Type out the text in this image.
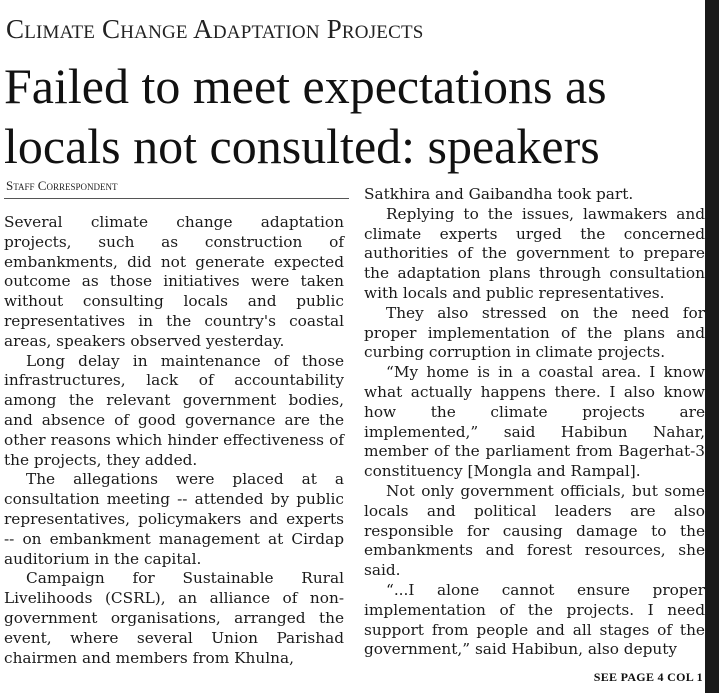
Climate Change Adaptation Projects
Failed to meet expectations as
locals not consulted: speakers
Staff Correspondent

Several climate change adaptation projects, such as construction of embankments, did not generate expected outcome as those initiatives were taken without consulting locals and public representatives in the country's coastal areas, speakers observed yesterday.

Long delay in maintenance of those infrastructures, lack of accountability among the relevant government bodies, and absence of good governance are the other reasons which hinder effectiveness of the projects, they added.

The allegations were placed at a consultation meeting -- attended by public representatives, policymakers and experts -- on embankment management at Cirdap auditorium in the capital.

Campaign for Sustainable Rural Livelihoods (CSRL), an alliance of non-government organisations, arranged the event, where several Union Parishad chairmen and members from Khulna,

Satkhira and Gaibandha took part.

Replying to the issues, lawmakers and climate experts urged the concerned authorities of the government to prepare the adaptation plans through consultation with locals and public representatives.

They also stressed on the need for proper implementation of the plans and curbing corruption in climate projects.

“My home is in a coastal area. I know what actually happens there. I also know how the climate projects are implemented,” said Habibun Nahar, member of the parliament from Bagerhat-3 constituency [Mongla and Rampal].

Not only government officials, but some locals and political leaders are also responsible for causing damage to the embankments and forest resources, she said.

“...I alone cannot ensure proper implementation of the projects. I need support from people and all stages of the government,” said Habibun, also deputy

SEE PAGE 4 COL 1
